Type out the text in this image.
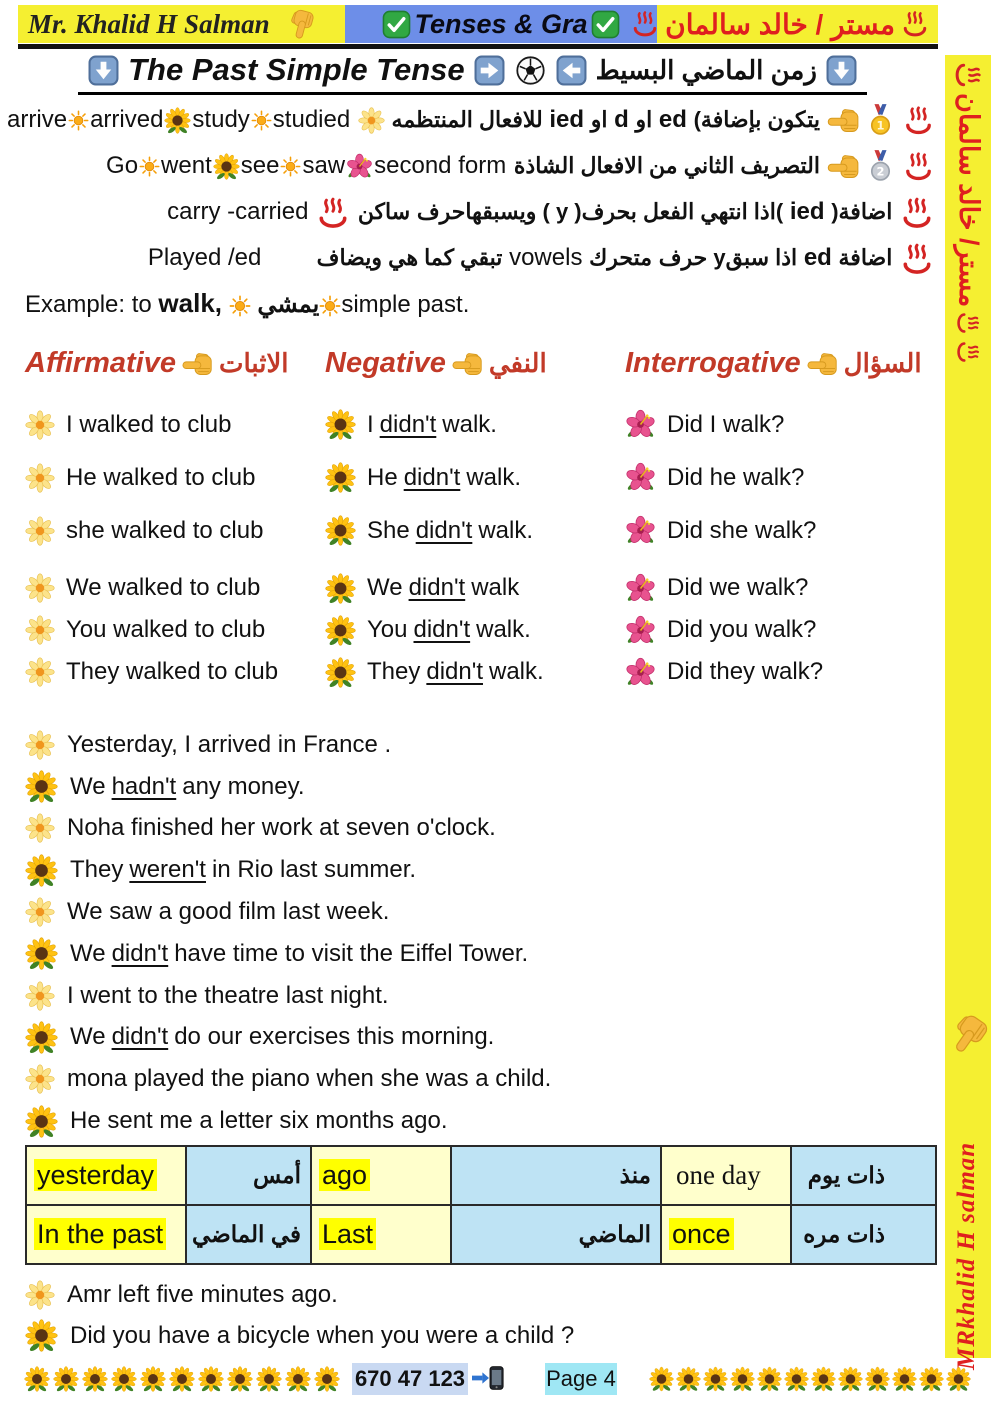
Mr. Khalid H Salman	Tenses & Gra	مستر / خالد سالمان
The Past Simple Tense	زمن الماضي البسيط
يتكون بإضافة) ed او d او ied للافعال المنتظمه  arrive arrived study studied
التصريف الثاني من الافعال الشاذة Go went see saw second form
اضافة( ied )اذا انتهي الفعل بحرف( y ) ويسبقهاحرف ساكن  carry -carried
اضافة ed اذا سبقy حرف متحرك vowels تبقي كما هي ويضاف  Played /ed
Example: to walk, يمشي simple past.
Affirmative الاثبات Negative النفي	Interrogative السؤال
I walked to club	I didn't walk.	Did I walk?
He walked to club	He didn't walk.	Did he walk?
she walked to club	She didn't walk.	Did she walk?
We walked to club	We didn't walk	Did we walk?
You walked to club	You didn't walk.	Did you walk?
They walked to club	They didn't walk.	Did they walk?
Yesterday, I arrived in France .
We hadn't any money.
Noha finished her work at seven o'clock.
They weren't in Rio last summer.
We saw a good film last week.
We didn't have time to visit the Eiffel Tower.
I went to the theatre last night.
We didn't do our exercises this morning.
mona played the piano when she was a child.
He sent me a letter six months ago.
yesterday	أمس	ago	منذ	one day	ذات يوم
In the past	في الماضي	Last	الماضي	once	ذات مره
Amr left five minutes ago.
Did you have a bicycle when you were a child ?
670 47 123	Page 4
مستر/ خالد سالمان
MRkhalid H salman
